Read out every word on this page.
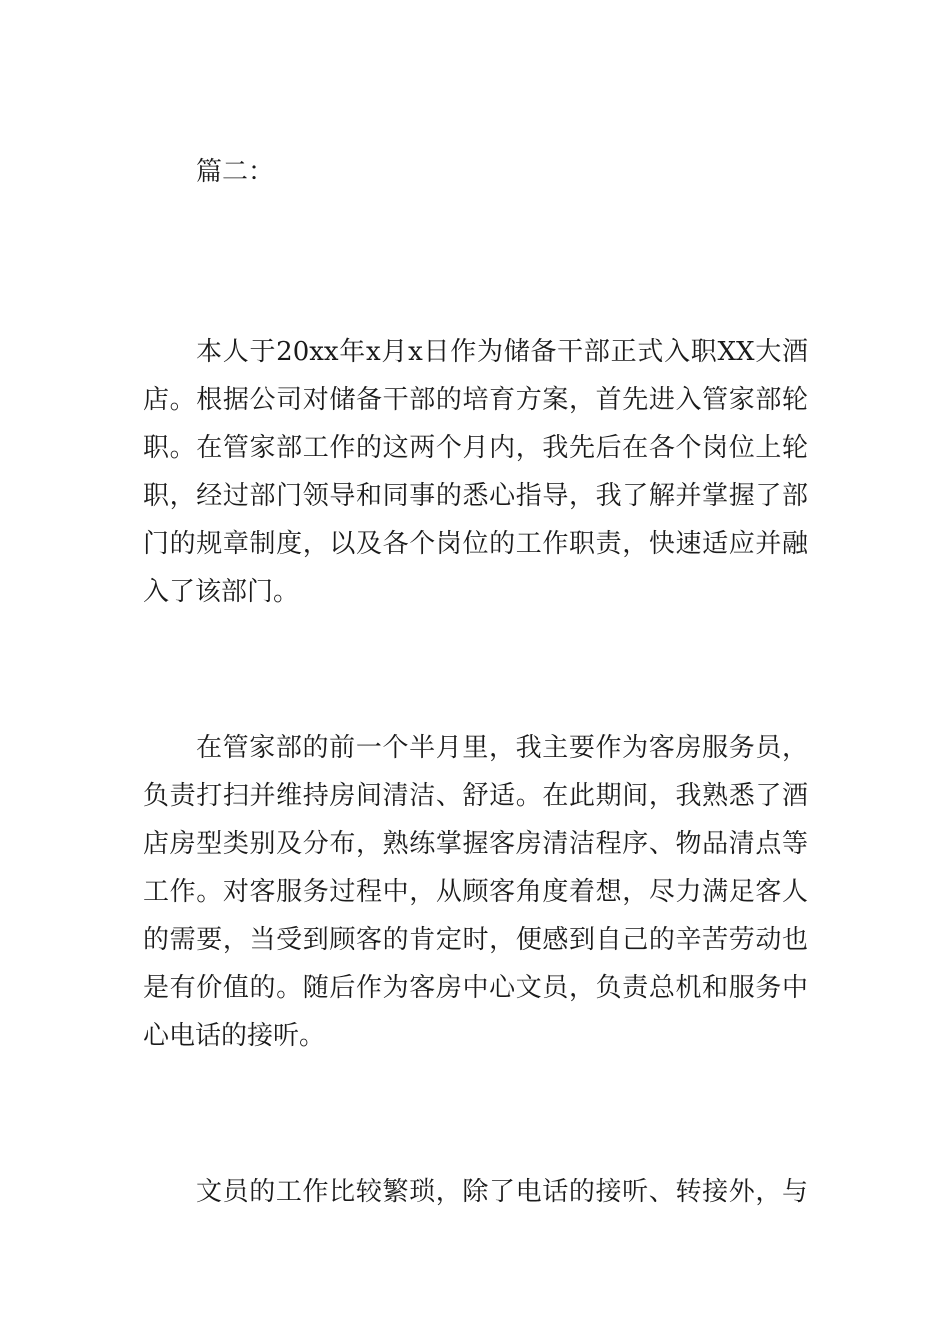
篇二：
本人于20xx年x月x日作为储备干部正式入职XX大酒
店。根据公司对储备干部的培育方案，首先进入管家部轮
职。在管家部工作的这两个月内，我先后在各个岗位上轮
职，经过部门领导和同事的悉心指导，我了解并掌握了部
门的规章制度，以及各个岗位的工作职责，快速适应并融
入了该部门。
在管家部的前一个半月里，我主要作为客房服务员，
负责打扫并维持房间清洁、舒适。在此期间，我熟悉了酒
店房型类别及分布，熟练掌握客房清洁程序、物品清点等
工作。对客服务过程中，从顾客角度着想，尽力满足客人
的需要，当受到顾客的肯定时，便感到自己的辛苦劳动也
是有价值的。随后作为客房中心文员，负责总机和服务中
心电话的接听。
文员的工作比较繁琐，除了电话的接听、转接外，与
